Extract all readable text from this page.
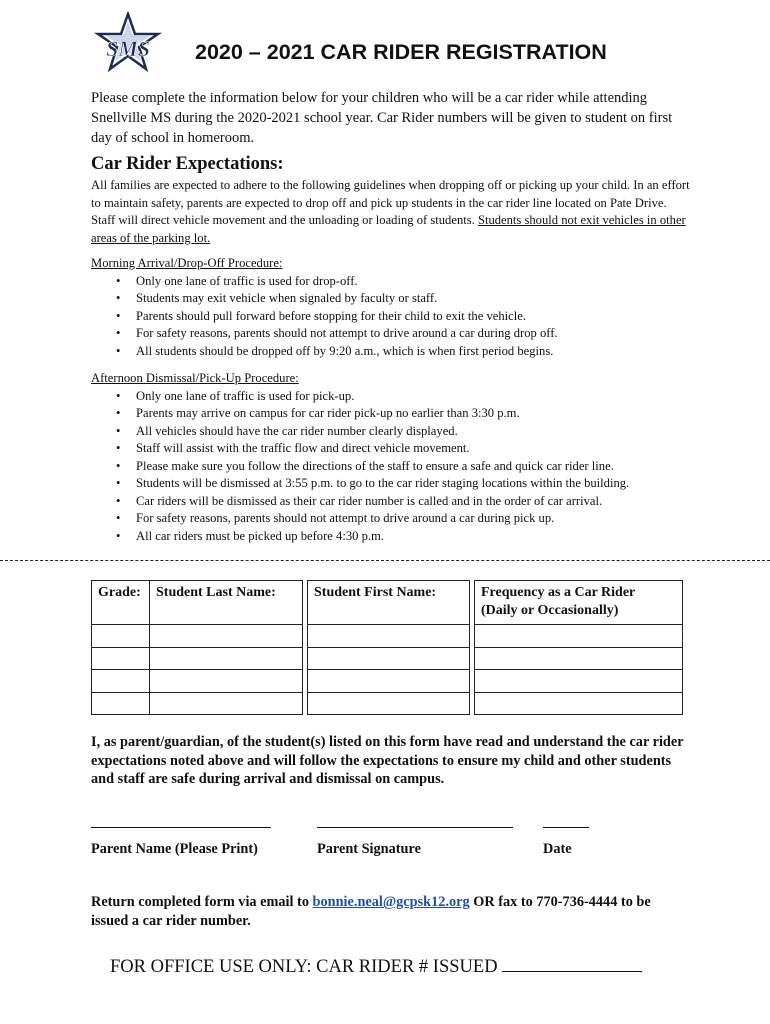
SMS 2020 – 2021 CAR RIDER REGISTRATION
Please complete the information below for your children who will be a car rider while attending Snellville MS during the 2020-2021 school year. Car Rider numbers will be given to student on first day of school in homeroom.
Car Rider Expectations:
All families are expected to adhere to the following guidelines when dropping off or picking up your child. In an effort to maintain safety, parents are expected to drop off and pick up students in the car rider line located on Pate Drive. Staff will direct vehicle movement and the unloading or loading of students. Students should not exit vehicles in other areas of the parking lot.
Morning Arrival/Drop-Off Procedure:
• Only one lane of traffic is used for drop-off.
• Students may exit vehicle when signaled by faculty or staff.
• Parents should pull forward before stopping for their child to exit the vehicle.
• For safety reasons, parents should not attempt to drive around a car during drop off.
• All students should be dropped off by 9:20 a.m., which is when first period begins.
Afternoon Dismissal/Pick-Up Procedure:
• Only one lane of traffic is used for pick-up.
• Parents may arrive on campus for car rider pick-up no earlier than 3:30 p.m.
• All vehicles should have the car rider number clearly displayed.
• Staff will assist with the traffic flow and direct vehicle movement.
• Please make sure you follow the directions of the staff to ensure a safe and quick car rider line.
• Students will be dismissed at 3:55 p.m. to go to the car rider staging locations within the building.
• Car riders will be dismissed as their car rider number is called and in the order of car arrival.
• For safety reasons, parents should not attempt to drive around a car during pick up.
• All car riders must be picked up before 4:30 p.m.
Grade:	Student Last Name:		Student First Name:		Frequency as a Car Rider
(Daily or Occasionally)

I, as parent/guardian, of the student(s) listed on this form have read and understand the car rider expectations noted above and will follow the expectations to ensure my child and other students and staff are safe during arrival and dismissal on campus.
Parent Name (Please Print)	Parent Signature	Date
Return completed form via email to bonnie.neal@gcpsk12.org OR fax to 770-736-4444 to be issued a car rider number.
FOR OFFICE USE ONLY: CAR RIDER # ISSUED
